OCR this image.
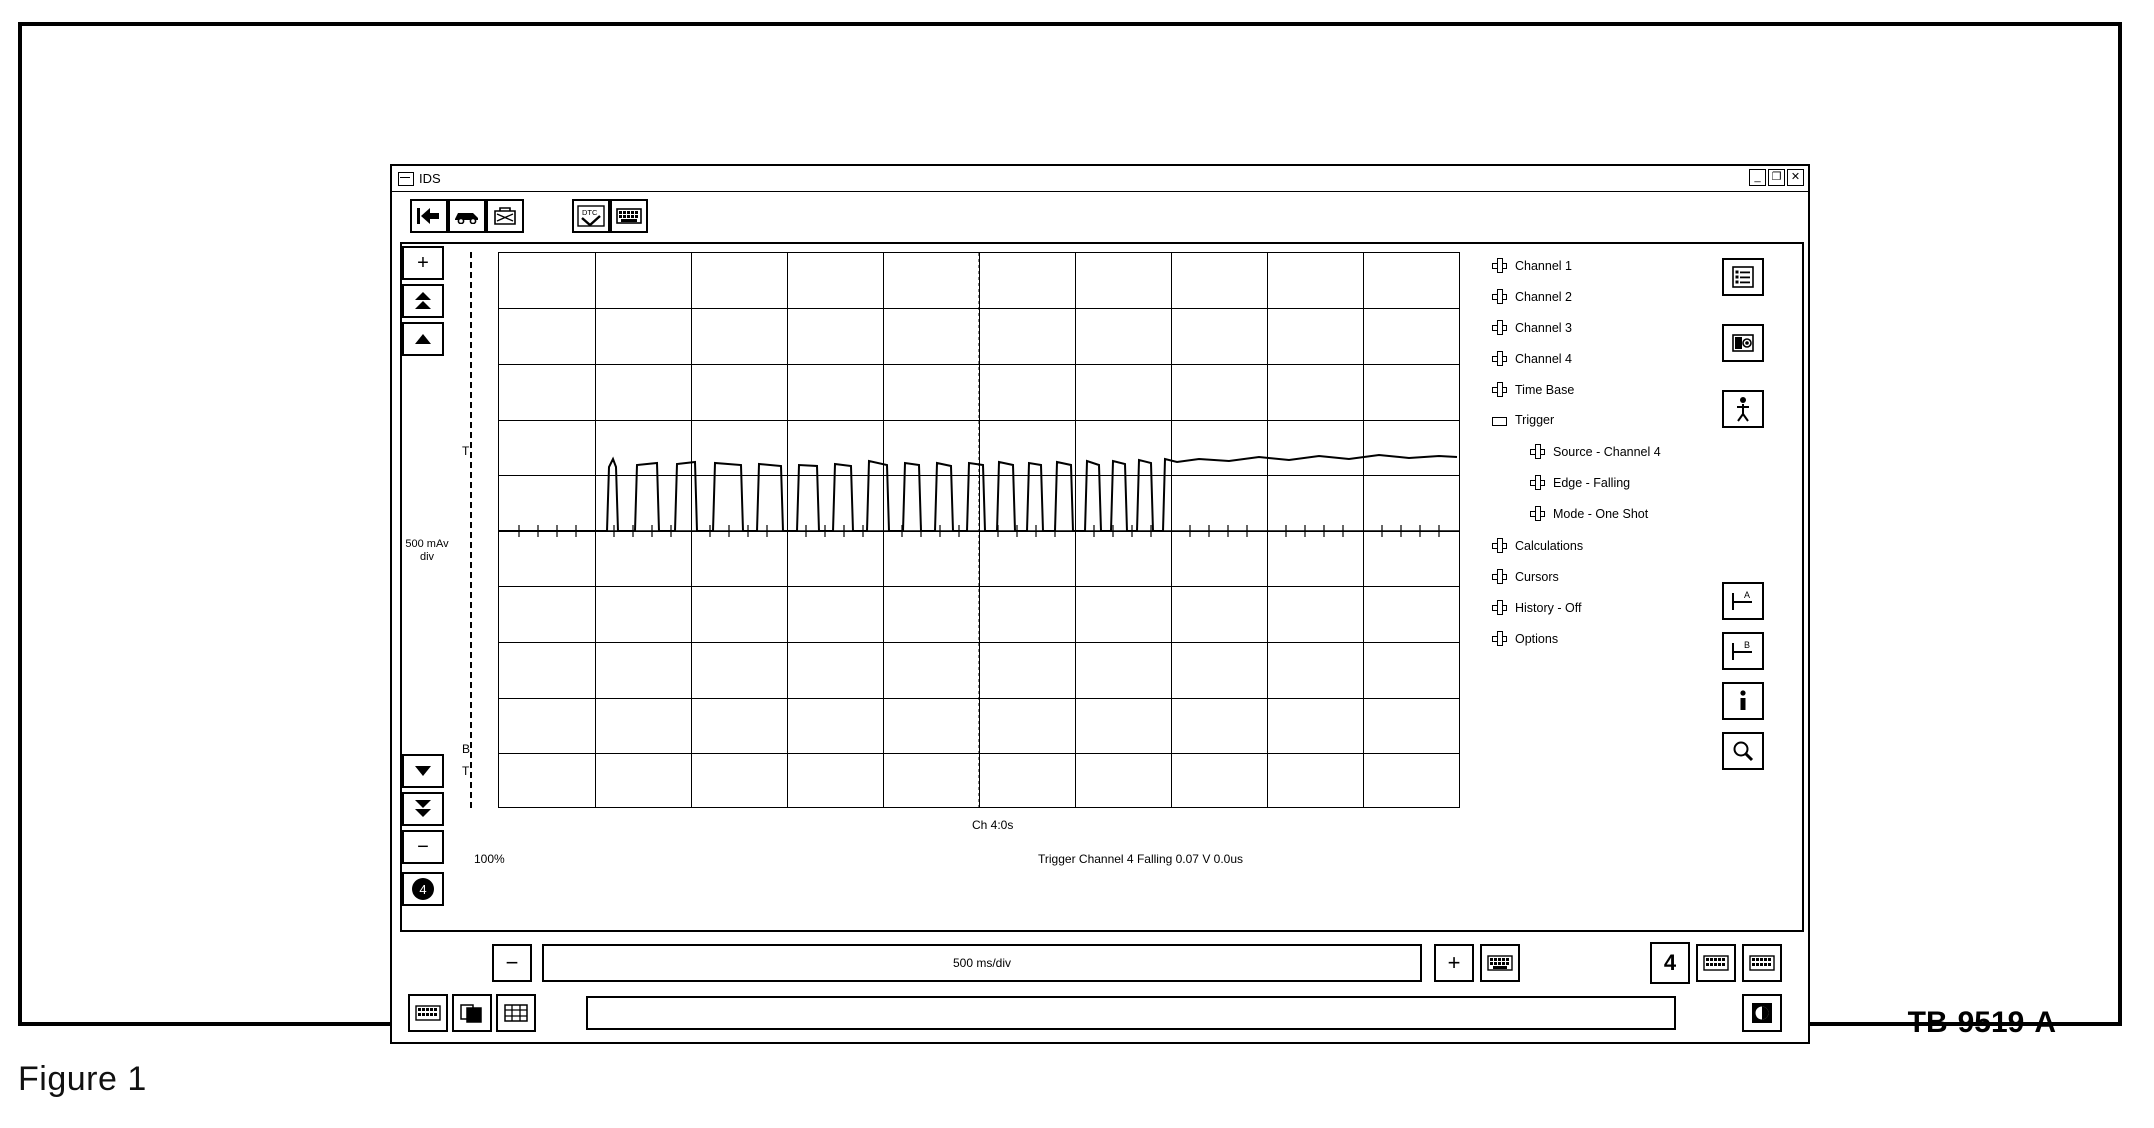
IDS	_	❐ ✕
DTC
+
500 mAv
div
−
4
T
B
T
Ch 4:0s
100%	Trigger Channel 4 Falling 0.07 V 0.0us
Channel 1
Channel 2
Channel 3
Channel 4
Time Base
Trigger
Source - Channel 4
Edge - Falling
Mode - One Shot
Calculations
Cursors
History - Off
Options
A
B
−	500 ms/div	+	4
TB-9519-A
Figure 1
